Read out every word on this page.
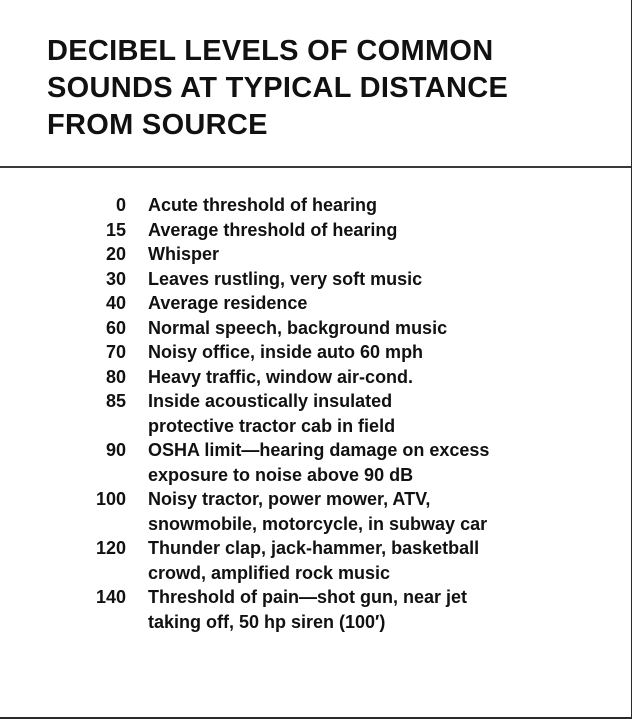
DECIBEL LEVELS OF COMMON
SOUNDS AT TYPICAL DISTANCE
FROM SOURCE
0 Acute threshold of hearing
15 Average threshold of hearing
20 Whisper
30 Leaves rustling, very soft music
40 Average residence
60 Normal speech, background music
70 Noisy office, inside auto 60 mph
80 Heavy traffic, window air-cond.
85 Inside acoustically insulated
protective tractor cab in field
90 OSHA limit—hearing damage on excess
exposure to noise above 90 dB
100 Noisy tractor, power mower, ATV,
snowmobile, motorcycle, in subway car
120 Thunder clap, jack-hammer, basketball
crowd, amplified rock music
140 Threshold of pain—shot gun, near jet
taking off, 50 hp siren (100′)
